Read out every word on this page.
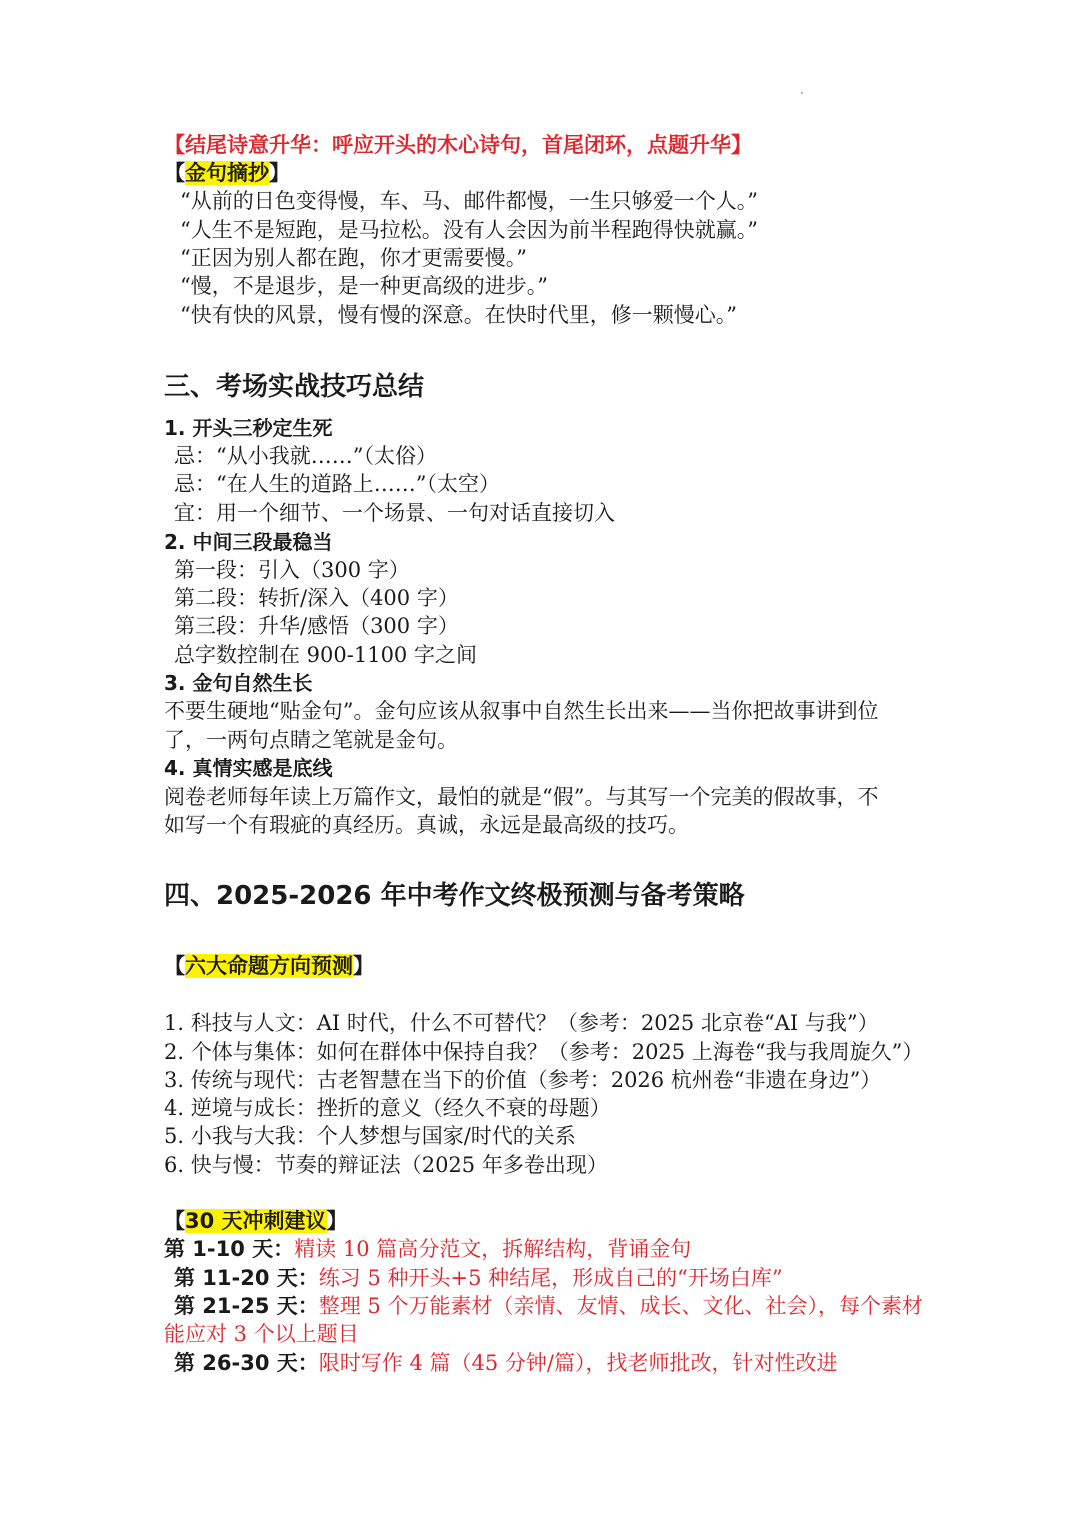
【结尾诗意升华：呼应开头的木心诗句，首尾闭环，点题升华】
【金句摘抄】
“从前的日色变得慢，车、马、邮件都慢，一生只够爱一个人。”
“人生不是短跑，是马拉松。没有人会因为前半程跑得快就赢。”
“正因为别人都在跑，你才更需要慢。”
“慢，不是退步，是一种更高级的进步。”
“快有快的风景，慢有慢的深意。在快时代里，修一颗慢心。”
三、考场实战技巧总结
1. 开头三秒定生死
忌：“从小我就……”（太俗）
忌：“在人生的道路上……”（太空）
宜：用一个细节、一个场景、一句对话直接切入
2. 中间三段最稳当
第一段：引入（300 字）
第二段：转折/深入（400 字）
第三段：升华/感悟（300 字）
总字数控制在 900-1100 字之间
3. 金句自然生长
不要生硬地“贴金句”。金句应该从叙事中自然生长出来——当你把故事讲到位
了，一两句点睛之笔就是金句。
4. 真情实感是底线
阅卷老师每年读上万篇作文，最怕的就是“假”。与其写一个完美的假故事，不
如写一个有瑕疵的真经历。真诚，永远是最高级的技巧。
四、2025-2026 年中考作文终极预测与备考策略
【六大命题方向预测】
1. 科技与人文：AI 时代，什么不可替代？（参考：2025 北京卷“AI 与我”）
2. 个体与集体：如何在群体中保持自我？（参考：2025 上海卷“我与我周旋久”）
3. 传统与现代：古老智慧在当下的价值（参考：2026 杭州卷“非遗在身边”）
4. 逆境与成长：挫折的意义（经久不衰的母题）
5. 小我与大我：个人梦想与国家/时代的关系
6. 快与慢：节奏的辩证法（2025 年多卷出现）
【30 天冲刺建议】
第 1-10 天：精读 10 篇高分范文，拆解结构，背诵金句
第 11-20 天：练习 5 种开头+5 种结尾，形成自己的“开场白库”
第 21-25 天：整理 5 个万能素材（亲情、友情、成长、文化、社会），每个素材
能应对 3 个以上题目
第 26-30 天：限时写作 4 篇（45 分钟/篇），找老师批改，针对性改进
